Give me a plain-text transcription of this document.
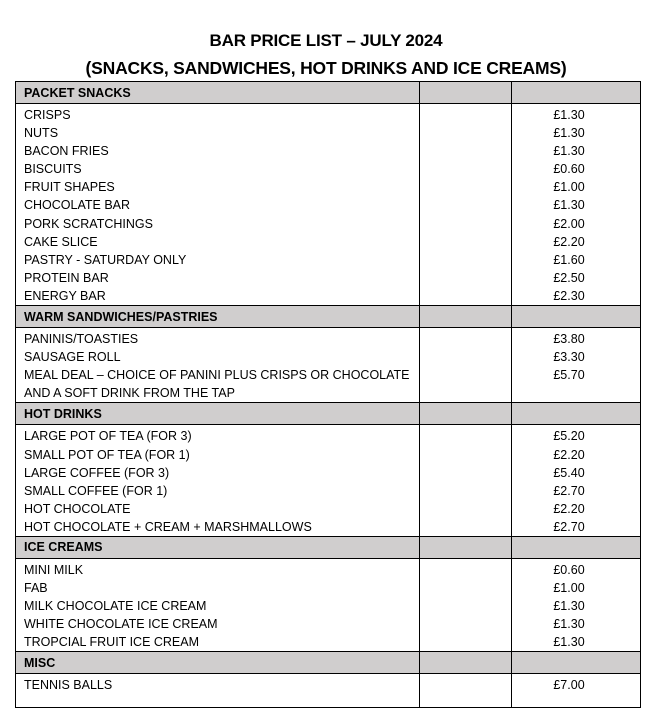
BAR PRICE LIST – JULY 2024
(SNACKS, SANDWICHES, HOT DRINKS AND ICE CREAMS)
PACKET SNACKS		
CRISPS		£1.30
NUTS		£1.30
BACON FRIES		£1.30
BISCUITS		£0.60
FRUIT SHAPES		£1.00
CHOCOLATE BAR		£1.30
PORK SCRATCHINGS		£2.00
CAKE SLICE		£2.20
PASTRY - SATURDAY ONLY		£1.60
PROTEIN BAR		£2.50
ENERGY BAR		£2.30
WARM SANDWICHES/PASTRIES		
PANINIS/TOASTIES		£3.80
SAUSAGE ROLL		£3.30
MEAL DEAL – CHOICE OF PANINI PLUS CRISPS OR CHOCOLATE		£5.70
AND A SOFT DRINK FROM THE TAP		
HOT DRINKS		
LARGE POT OF TEA (FOR 3)		£5.20
SMALL POT OF TEA (FOR 1)		£2.20
LARGE COFFEE (FOR 3)		£5.40
SMALL COFFEE (FOR 1)		£2.70
HOT CHOCOLATE		£2.20
HOT CHOCOLATE + CREAM + MARSHMALLOWS		£2.70
ICE CREAMS		
MINI MILK		£0.60
FAB		£1.00
MILK CHOCOLATE ICE CREAM		£1.30
WHITE CHOCOLATE ICE CREAM		£1.30
TROPCIAL FRUIT ICE CREAM		£1.30
MISC		
TENNIS BALLS		£7.00
